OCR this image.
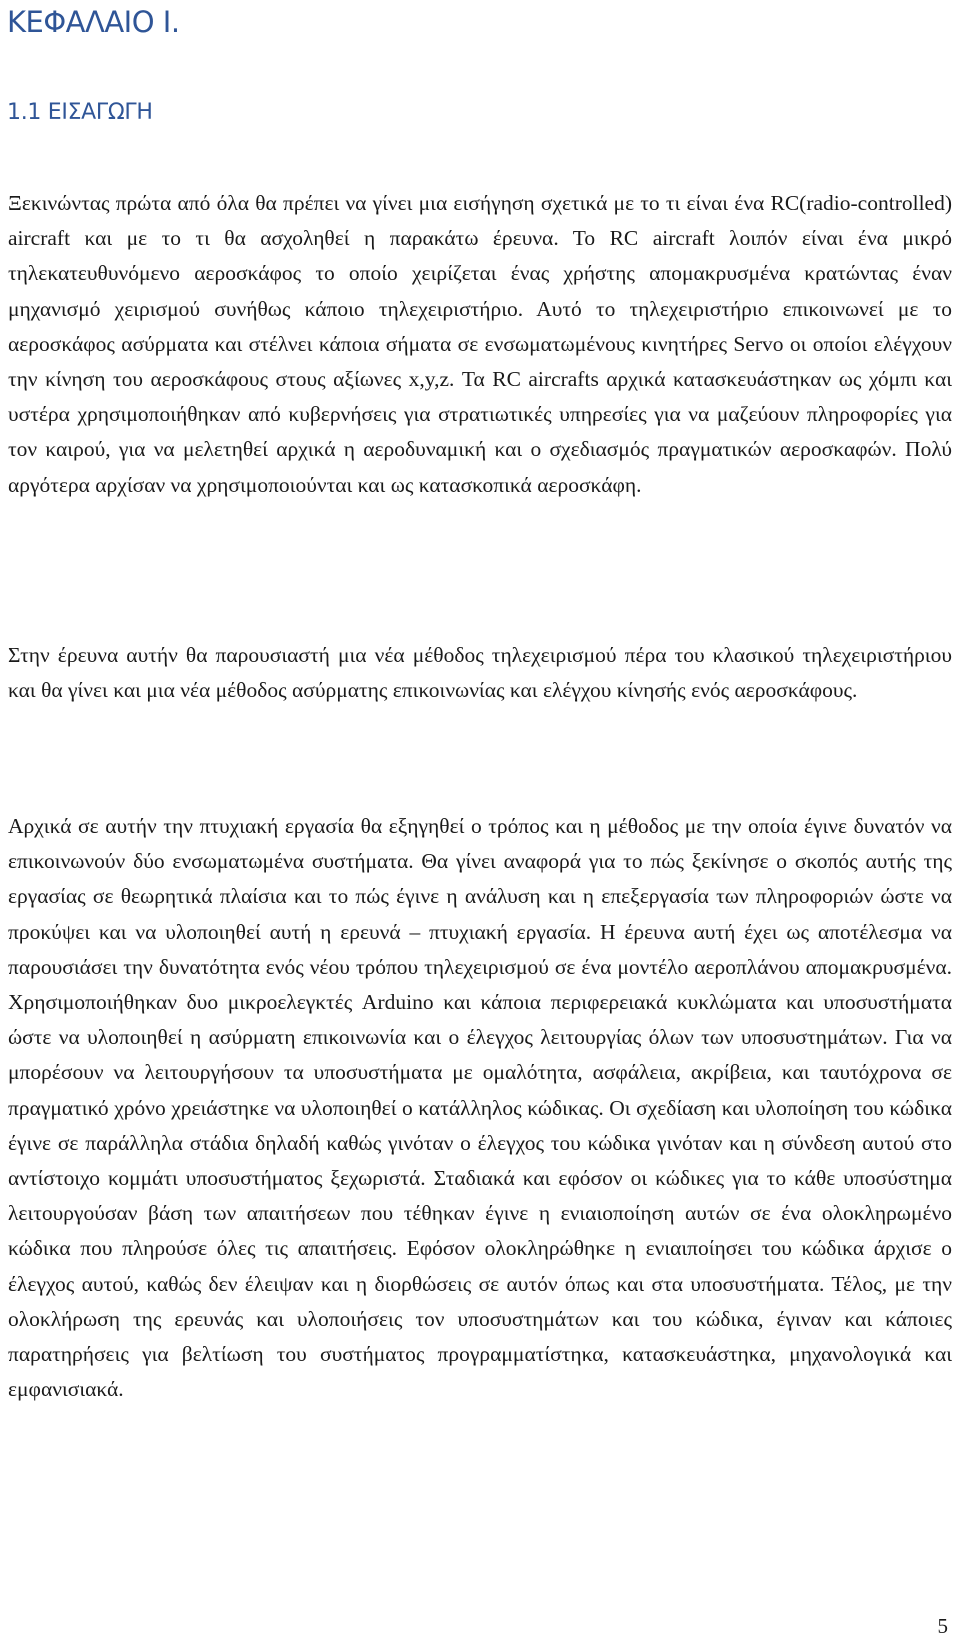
ΚΕΦΑΛΑΙΟ Ι.
1.1 ΕΙΣΑΓΩΓΗ

Ξεκινώντας πρώτα από όλα θα πρέπει να γίνει μια εισήγηση σχετικά με το τι είναι ένα RC(radio-controlled) aircraft και με το τι θα ασχοληθεί η παρακάτω έρευνα. Το RC aircraft λοιπόν είναι ένα μικρό τηλεκατευθυνόμενο αεροσκάφος το οποίο χειρίζεται ένας χρήστης απομακρυσμένα κρατώντας έναν μηχανισμό χειρισμού συνήθως κάποιο τηλεχειριστήριο. Αυτό το τηλεχειριστήριο επικοινωνεί με το αεροσκάφος ασύρματα και στέλνει κάποια σήματα σε ενσωματωμένους κινητήρες Servo οι οποίοι ελέγχουν την κίνηση του αεροσκάφους στους αξίωνες x,y,z. Τα RC aircrafts αρχικά κατασκευάστηκαν ως χόμπι και υστέρα χρησιμοποιήθηκαν από κυβερνήσεις για στρατιωτικές υπηρεσίες για να μαζεύουν πληροφορίες για τον καιρού, για να μελετηθεί αρχικά η αεροδυναμική και ο σχεδιασμός πραγματικών αεροσκαφών. Πολύ αργότερα αρχίσαν να χρησιμοποιούνται και ως κατασκοπικά αεροσκάφη.

Στην έρευνα αυτήν θα παρουσιαστή μια νέα μέθοδος τηλεχειρισμού πέρα του κλασικού τηλεχειριστήριου και θα γίνει και μια νέα μέθοδος ασύρματης επικοινωνίας και ελέγχου κίνησής ενός αεροσκάφους.

Αρχικά σε αυτήν την πτυχιακή εργασία θα εξηγηθεί ο τρόπος και η μέθοδος με την οποία έγινε δυνατόν να επικοινωνούν δύο ενσωματωμένα συστήματα. Θα γίνει αναφορά για το πώς ξεκίνησε ο σκοπός αυτής της εργασίας σε θεωρητικά πλαίσια και το πώς έγινε η ανάλυση και η επεξεργασία των πληροφοριών ώστε να προκύψει και να υλοποιηθεί αυτή η ερευνά – πτυχιακή εργασία. Η έρευνα αυτή έχει ως αποτέλεσμα να παρουσιάσει την δυνατότητα ενός νέου τρόπου τηλεχειρισμού σε ένα μοντέλο αεροπλάνου απομακρυσμένα. Χρησιμοποιήθηκαν δυο μικροελεγκτές Arduino και κάποια περιφερειακά κυκλώματα και υποσυστήματα ώστε να υλοποιηθεί η ασύρματη επικοινωνία και ο έλεγχος λειτουργίας όλων των υποσυστημάτων. Για να μπορέσουν να λειτουργήσουν τα υποσυστήματα με ομαλότητα, ασφάλεια, ακρίβεια, και ταυτόχρονα σε πραγματικό χρόνο χρειάστηκε να υλοποιηθεί ο κατάλληλος κώδικας. Οι σχεδίαση και υλοποίηση του κώδικα έγινε σε παράλληλα στάδια δηλαδή καθώς γινόταν ο έλεγχος του κώδικα γινόταν και η σύνδεση αυτού στο αντίστοιχο κομμάτι υποσυστήματος ξεχωριστά. Σταδιακά και εφόσον οι κώδικες για το κάθε υποσύστημα λειτουργούσαν βάση των απαιτήσεων που τέθηκαν έγινε η ενιαιοποίηση αυτών σε ένα ολοκληρωμένο κώδικα που πληρούσε όλες τις απαιτήσεις. Εφόσον ολοκληρώθηκε η ενιαιποίησει του κώδικα άρχισε ο έλεγχος αυτού, καθώς δεν έλειψαν και η διορθώσεις σε αυτόν όπως και στα υποσυστήματα. Τέλος, με την ολοκλήρωση της ερευνάς και υλοποιήσεις τον υποσυστημάτων και του κώδικα, έγιναν και κάποιες παρατηρήσεις για βελτίωση του συστήματος προγραμματίστηκα, κατασκευάστηκα, μηχανολογικά και εμφανισιακά.

5
